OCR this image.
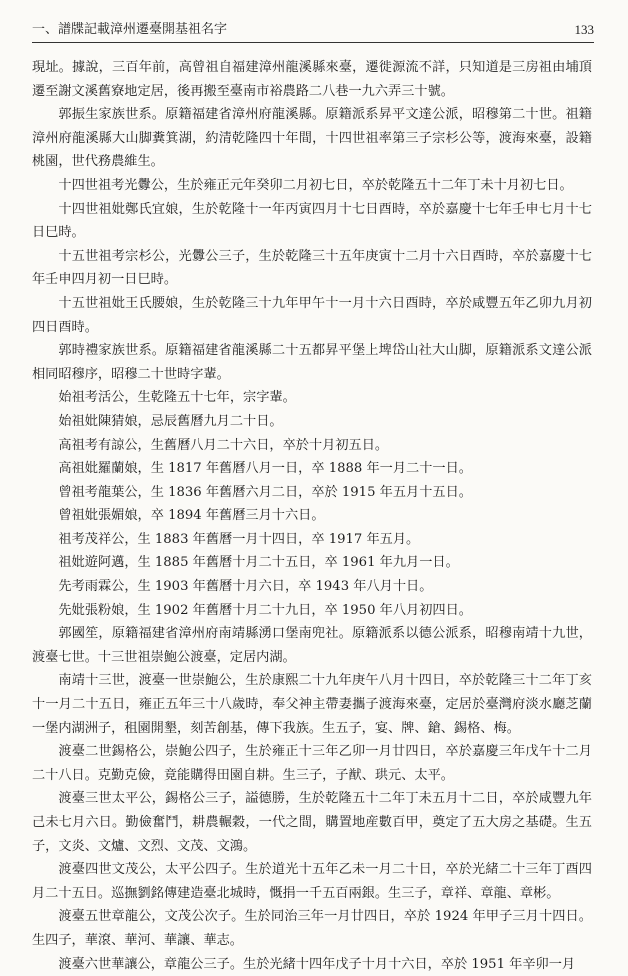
一、譜牒記載漳州遷臺開基祖名字	133

現址。據說，三百年前，高曾祖自福建漳州龍溪縣來臺，遷徙源流不詳，只知道是三房祖由埔頂遷至謝文溪舊寮地定居，後再搬至臺南市裕農路二八巷一九六弄三十號。

郭振生家族世系。原籍福建省漳州府龍溪縣。原籍派系昇平文達公派，昭穆第二十世。祖籍漳州府龍溪縣大山脚糞箕湖，約清乾隆四十年間，十四世祖率第三子宗杉公等，渡海來臺，設籍桃園，世代務農維生。

十四世祖考光釁公，生於雍正元年癸卯二月初七日，卒於乾隆五十二年丁未十月初七日。

十四世祖妣鄭氏宜娘，生於乾隆十一年丙寅四月十七日酉時，卒於嘉慶十七年壬申七月十七日巳時。

十五世祖考宗杉公，光釁公三子，生於乾隆三十五年庚寅十二月十六日酉時，卒於嘉慶十七年壬申四月初一日巳時。

十五世祖妣王氏腰娘，生於乾隆三十九年甲午十一月十六日酉時，卒於咸豐五年乙卯九月初四日酉時。

郭時禮家族世系。原籍福建省龍溪縣二十五都昇平堡上埤岱山社大山脚，原籍派系文達公派相同昭穆序，昭穆二十世時字輩。

始祖考活公，生乾隆五十七年，宗字輩。

始祖妣陳猜娘，忌辰舊曆九月二十日。

高祖考有諒公，生舊曆八月二十六日，卒於十月初五日。

高祖妣羅蘭娘，生 1817 年舊曆八月一日，卒 1888 年一月二十一日。

曾祖考龍葉公，生 1836 年舊曆六月二日，卒於 1915 年五月十五日。

曾祖妣張媚娘，卒 1894 年舊曆三月十六日。

祖考茂祥公，生 1883 年舊曆一月十四日，卒 1917 年五月。

祖妣遊阿邁，生 1885 年舊曆十月二十五日，卒 1961 年九月一日。

先考雨霖公，生 1903 年舊曆十月六日，卒 1943 年八月十日。

先妣張粉娘，生 1902 年舊曆十月二十九日，卒 1950 年八月初四日。

郭國笙，原籍福建省漳州府南靖縣湧口堡南兜社。原籍派系以德公派系，昭穆南靖十九世，渡臺七世。十三世祖崇鮑公渡臺，定居内湖。

南靖十三世，渡臺一世崇鮑公，生於康熙二十九年庚午八月十四日，卒於乾隆三十二年丁亥十一月二十五日，雍正五年三十八歲時，奉父神主帶妻攜子渡海來臺，定居於臺灣府淡水廳芝蘭一堡内湖洲子，租園開墾，刻苦創基，傳下我族。生五子，宴、牌、鎗、錫格、梅。

渡臺二世錫格公，崇鮑公四子，生於雍正十三年乙卯一月廿四日，卒於嘉慶三年戊午十二月二十八日。克勤克儉，竟能購得田園自耕。生三子，子猷、珙元、太平。

渡臺三世太平公，錫格公三子，謚德勝，生於乾隆五十二年丁未五月十二日，卒於咸豐九年己未七月六日。勤儉奮鬥，耕農輾穀，一代之間，購置地産數百甲，奠定了五大房之基礎。生五子，文炎、文爐、文烈、文茂、文鴻。

渡臺四世文茂公，太平公四子。生於道光十五年乙未一月二十日，卒於光緒二十三年丁酉四月二十五日。巡撫劉銘傳建造臺北城時，慨捐一千五百兩銀。生三子，章祥、章龍、章彬。

渡臺五世章龍公，文茂公次子。生於同治三年一月廿四日，卒於 1924 年甲子三月十四日。生四子，華滾、華河、華讓、華志。

渡臺六世華讓公，章龍公三子。生於光緒十四年戊子十月十六日，卒於 1951 年辛卯一月
